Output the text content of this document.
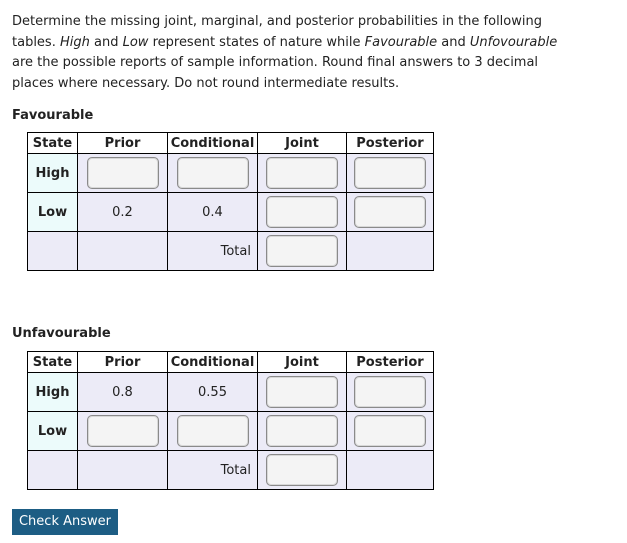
Determine the missing joint, marginal, and posterior probabilities in the following tables. High and Low represent states of nature while Favourable and Unfovourable are the possible reports of sample information. Round final answers to 3 decimal places where necessary. Do not round intermediate results.
Favourable
State	Prior	Conditional	Joint	Posterior
High				
Low	0.2	0.4		
		Total		
Unfavourable
State	Prior	Conditional	Joint	Posterior
High	0.8	0.55		
Low				
		Total		
Check Answer
